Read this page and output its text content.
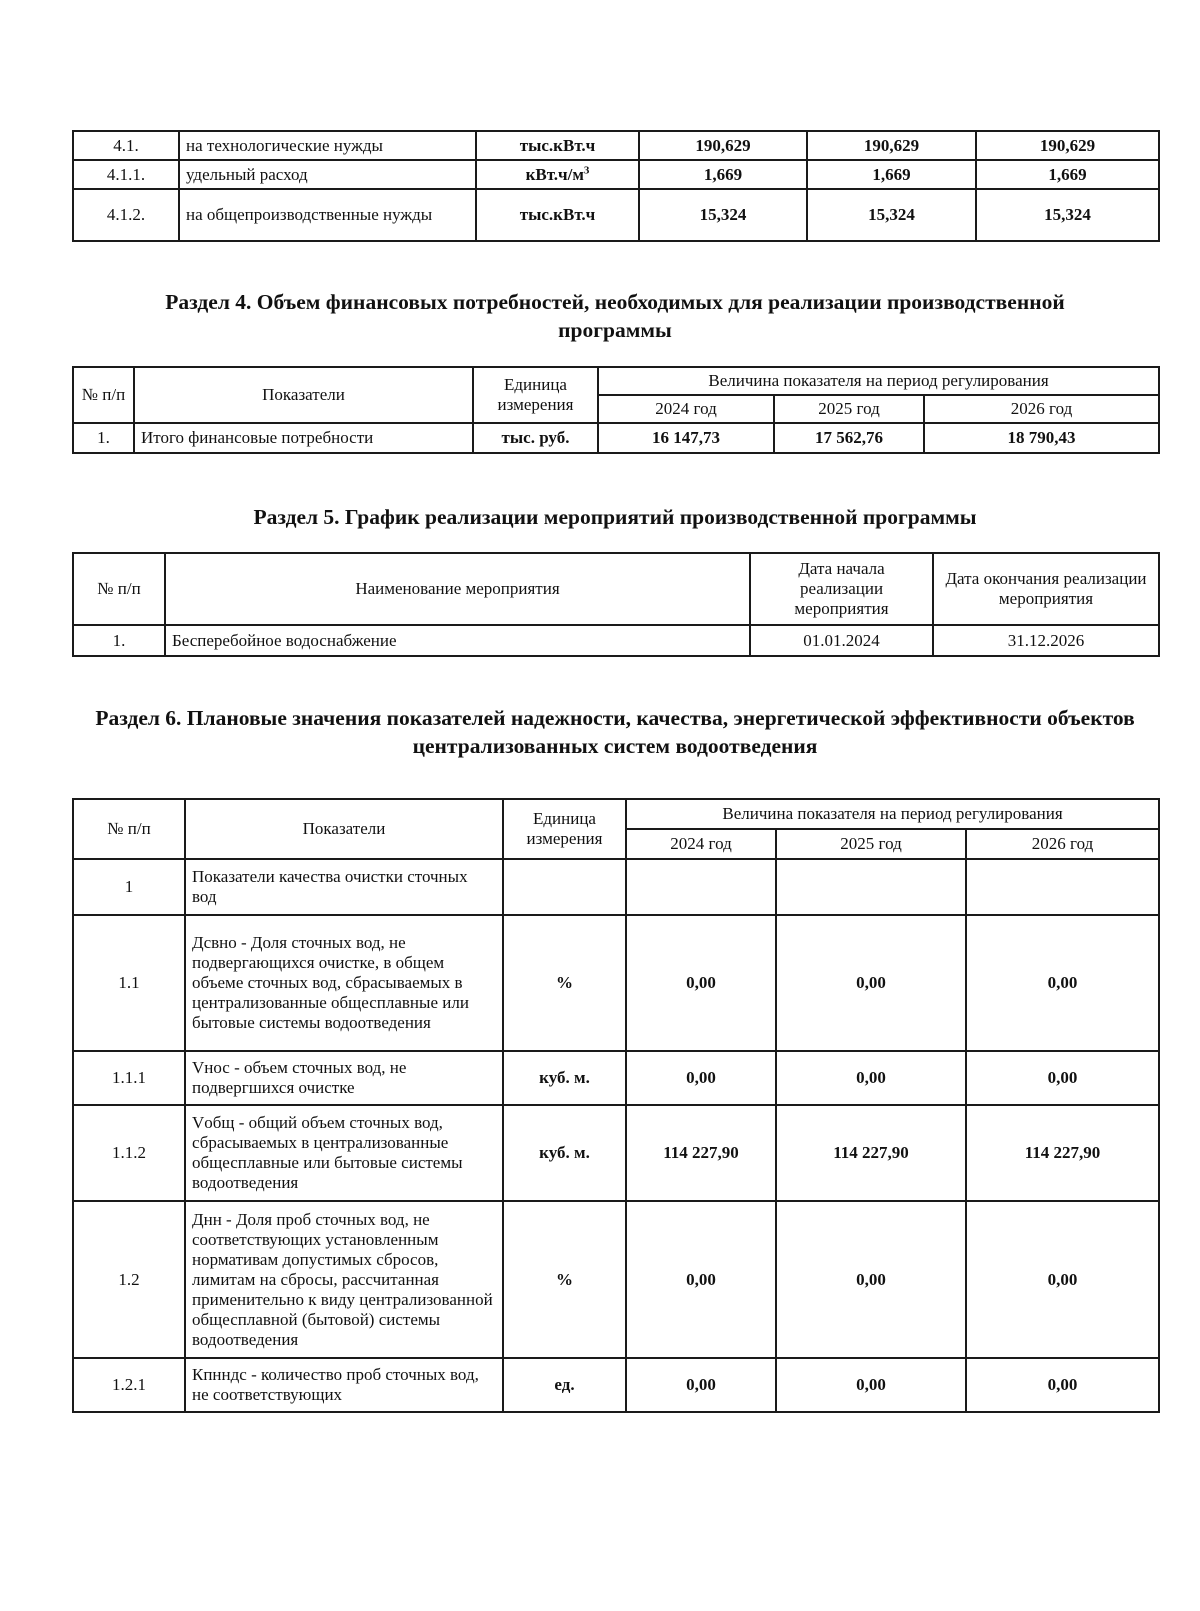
4.1.	на технологические нужды	тыс.кВт.ч	190,629	190,629	190,629
4.1.1.	удельный расход	$кВт.ч/м^3$	1,669	1,669	1,669
4.1.2.	на общепроизводственные нужды	тыс.кВт.ч	15,324	15,324	15,324
Раздел 4. Объем финансовых потребностей, необходимых для реализации производственной программы
№ п/п	Показатели	Единица измерения	Величина показателя на период регулирования		
			2024 год	2025 год	2026 год
1.	Итого финансовые потребности	тыс. руб.	16 147,73	17 562,76	18 790,43
Раздел 5. График реализации мероприятий производственной программы
№ п/п	Наименование мероприятия	Дата начала реализации мероприятия	Дата окончания реализации мероприятия
1.	Бесперебойное водоснабжение	01.01.2024	31.12.2026
Раздел 6. Плановые значения показателей надежности, качества, энергетической эффективности объектов централизованных систем водоотведения
№ п/п	Показатели	Единица измерения	Величина показателя на период регулирования		
			2024 год	2025 год	2026 год
1	Показатели качества очистки сточных вод				
1.1	Дсвно - Доля сточных вод, не подвергающихся очистке, в общем объеме сточных вод, сбрасываемых в централизованные общесплавные или бытовые системы водоотведения	%	0,00	0,00	0,00
1.1.1	Vнос - объем сточных вод, не подвергшихся очистке	куб. м.	0,00	0,00	0,00
1.1.2	Vобщ - общий объем сточных вод, сбрасываемых в централизованные общесплавные или бытовые системы водоотведения	куб. м.	114 227,90	114 227,90	114 227,90
1.2	Днн - Доля проб сточных вод, не соответствующих установленным нормативам допустимых сбросов, лимитам на сбросы, рассчитанная применительно к виду централизованной общесплавной (бытовой) системы водоотведения	%	0,00	0,00	0,00
1.2.1	Кпнндс - количество проб сточных вод, не соответствующих	ед.	0,00	0,00	0,00
